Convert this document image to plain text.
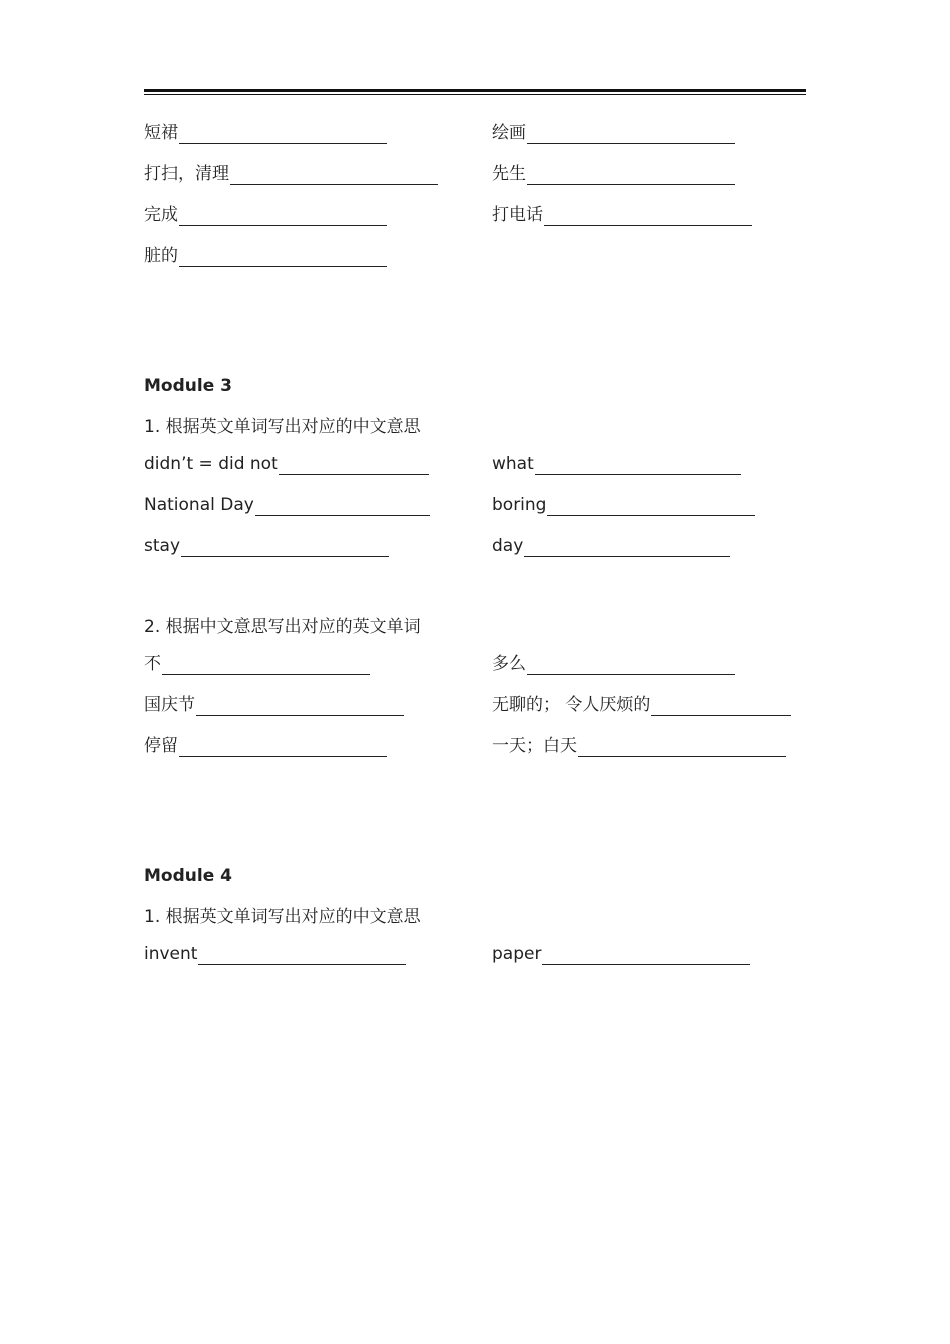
短裙	绘画
打扫，清理	先生
完成	打电话
脏的
Module 3
1. 根据英文单词写出对应的中文意思
didn’t = did not	what
National Day	boring
stay	day
2. 根据中文意思写出对应的英文单词
不	多么
国庆节	无聊的； 令人厌烦的
停留	一天；白天
Module 4
1. 根据英文单词写出对应的中文意思
invent	paper
